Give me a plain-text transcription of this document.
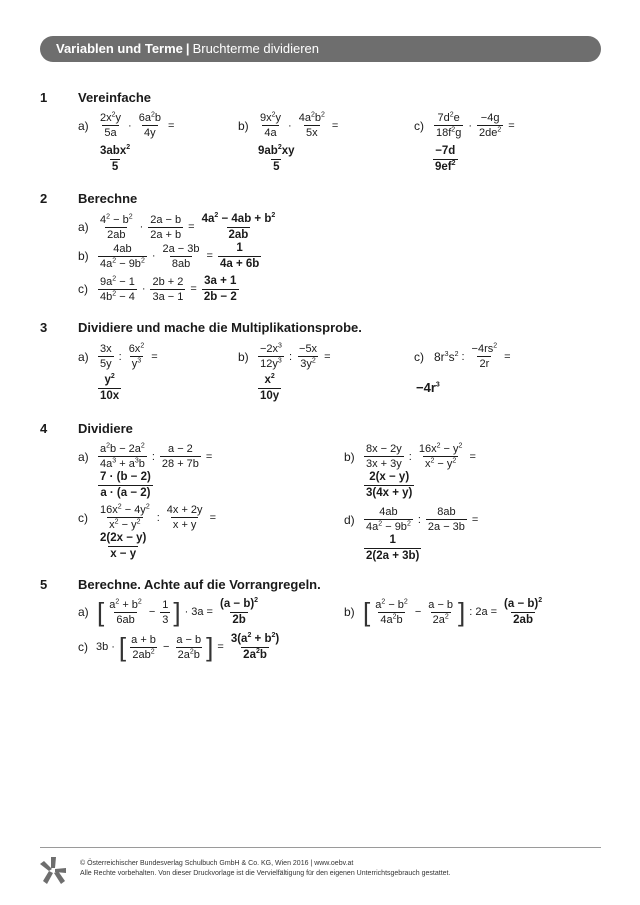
Variablen und Terme | Bruchterme dividieren
1 Vereinfache
$a) \frac{2x^2y}{5a} \cdot \frac{6a^2b}{4y}$ =
$\frac{3abx^2}{5}$
$b) \frac{9x^2y}{4a} \cdot \frac{4a^2b^2}{5x}$ =
$\frac{9ab^2xy}{5}$
$c) \frac{7d^2e}{18f^2g} \cdot \frac{-4g}{2de^2}$ =
$\frac{-7d}{9ef^2}$
2 Berechne
$a) \frac{4^2 - b^2}{2ab} \cdot \frac{2a - b}{2a + b} = \frac{4a^2 - 4ab + b^2}{2ab}$
$b) \frac{4ab}{4a^2 - 9b^2} \cdot \frac{2a - 3b}{8ab} = \frac{1}{4a + 6b}$
$c) \frac{9a^2 - 1}{4b^2 - 4} \cdot \frac{2b + 2}{3a - 1} = \frac{3a + 1}{2b - 2}$
3 Dividiere und mache die Multiplikationsprobe.
$a) \frac{3x}{5y}$ : $\frac{6x^2}{y^3}$ =
$\frac{y^2}{10x}$
$b) \frac{-2x^3}{12y^3}$ : $\frac{-5x}{3y^2}$ =
$\frac{x^2}{10y}$
c) $8r^3s^2$ : $\frac{-4rs^2}{2r}$ =
$-4r^3$
4 Dividiere
$a) \frac{a^2b - 2a^2}{4a^3 + a^3b}$ : $\frac{a - 2}{28 + 7b}$ =
$\frac{7 \cdot (b - 2)}{a \cdot (a - 2)}$
$b) \frac{8x - 2y}{3x + 3y}$ : $\frac{16x^2 - y^2}{x^2 - y^2}$ =
$\frac{2(x - y)}{3(4x + y)}$
$c) \frac{16x^2 - 4y^2}{x^2 - y^2}$ : $\frac{4x + 2y}{x + y}$ =
$\frac{2(2x - y)}{x - y}$
$d) \frac{4ab}{4a^2 - 9b^2}$ : $\frac{8ab}{2a - 3b}$ =
$\frac{1}{2(2a + 3b)}$
5 Berechne. Achte auf die Vorrangregeln.
a) [ $\frac{a^2 + b^2}{6ab} - \frac{1}{3}$ ] · $3a = \frac{(a - b)^2}{2b}$	b) [ $\frac{a^2 - b^2}{4a^2b} - \frac{a - b}{2a^2}$ ] : $2a = \frac{(a - b)^2}{2ab}$
c) 3b · [ $\frac{a + b}{2ab^2} - \frac{a - b}{2a^2b}$ ] = $\frac{3(a^2 + b^2)}{2a^2b}$
© Österreichischer Bundesverlag Schulbuch GmbH & Co. KG, Wien 2016 | www.oebv.at
Alle Rechte vorbehalten. Von dieser Druckvorlage ist die Vervielfältigung für den eigenen Unterrichtsgebrauch gestattet.
